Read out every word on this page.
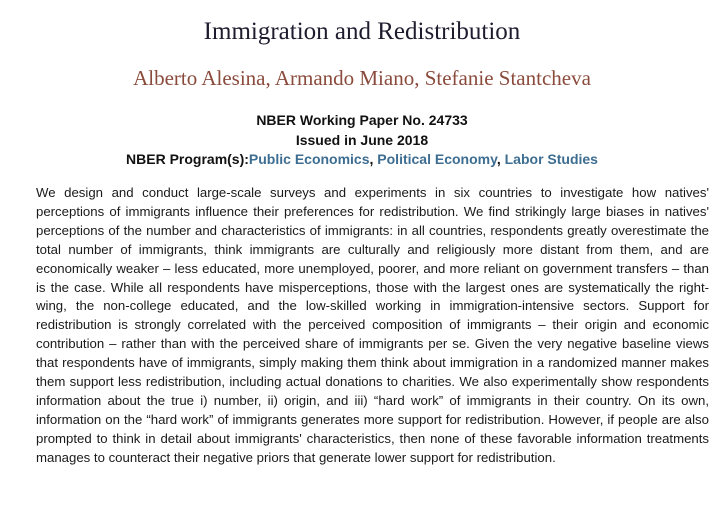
Immigration and Redistribution
Alberto Alesina, Armando Miano, Stefanie Stantcheva
NBER Working Paper No. 24733
Issued in June 2018
NBER Program(s):Public Economics, Political Economy, Labor Studies

We design and conduct large-scale surveys and experiments in six countries to investigate how natives' perceptions of immigrants influence their preferences for redistribution. We find strikingly large biases in natives' perceptions of the number and characteristics of immigrants: in all countries, respondents greatly overestimate the total number of immigrants, think immigrants are culturally and religiously more distant from them, and are economically weaker – less educated, more unemployed, poorer, and more reliant on government transfers – than is the case. While all respondents have misperceptions, those with the largest ones are systematically the right-wing, the non-college educated, and the low-skilled working in immigration-intensive sectors. Support for redistribution is strongly correlated with the perceived composition of immigrants – their origin and economic contribution – rather than with the perceived share of immigrants per se. Given the very negative baseline views that respondents have of immigrants, simply making them think about immigration in a randomized manner makes them support less redistribution, including actual donations to charities. We also experimentally show respondents information about the true i) number, ii) origin, and iii) “hard work” of immigrants in their country. On its own, information on the “hard work” of immigrants generates more support for redistribution. However, if people are also prompted to think in detail about immigrants' characteristics, then none of these favorable information treatments manages to counteract their negative priors that generate lower support for redistribution.
